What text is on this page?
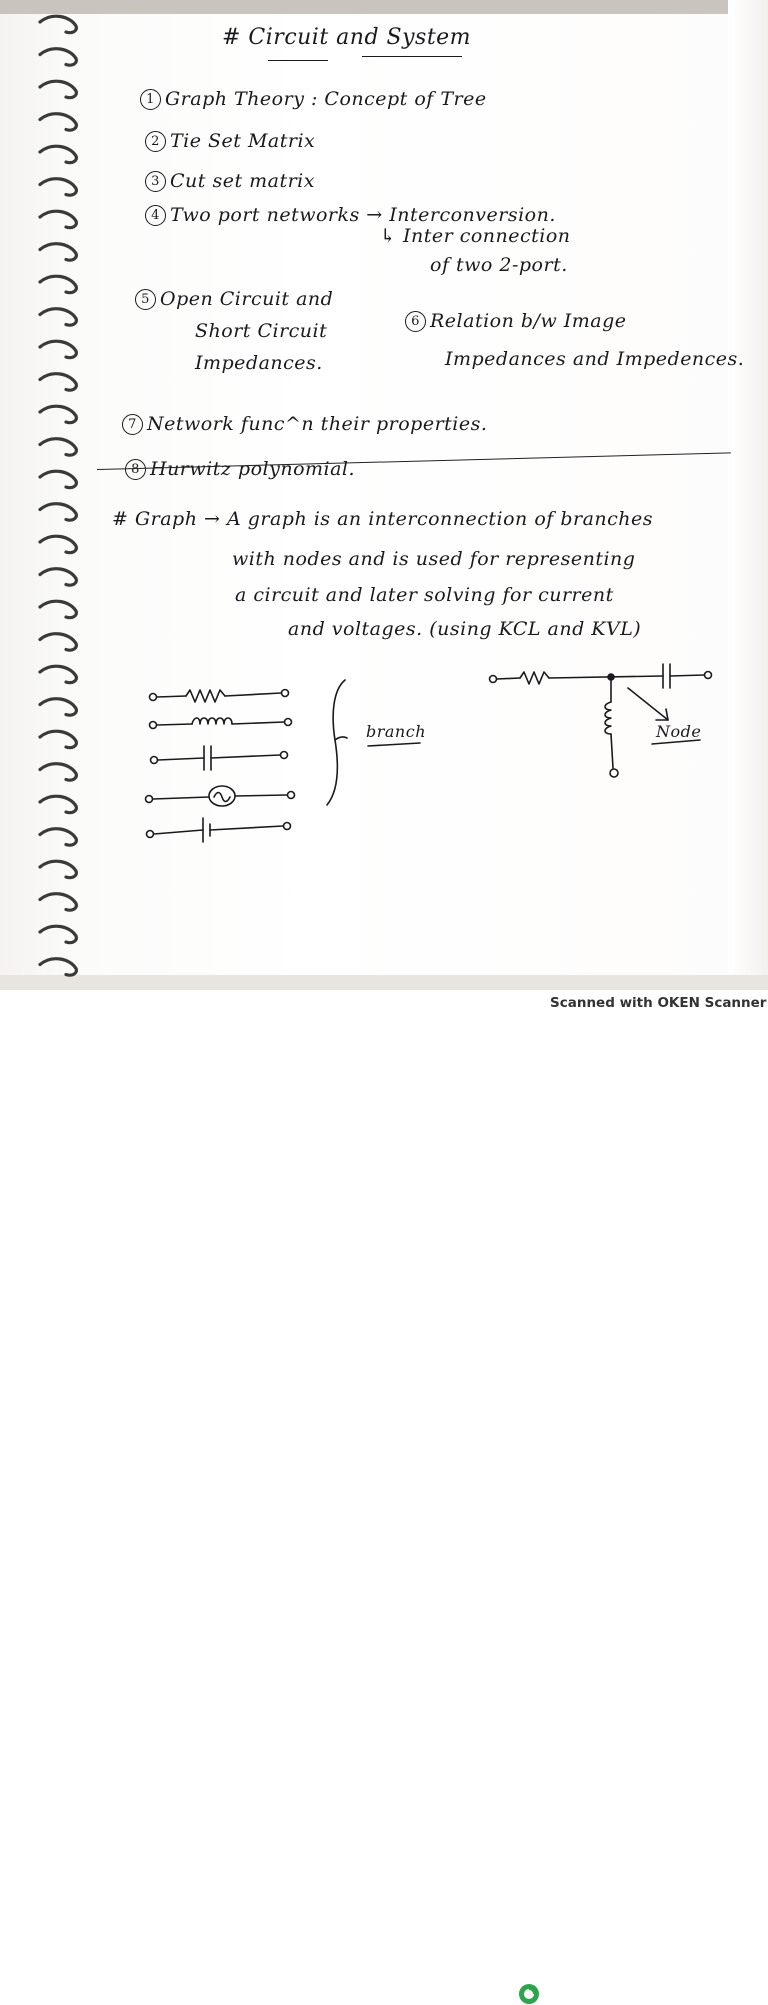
# Circuit and System
1 Graph Theory : Concept of Tree
2 Tie Set Matrix
3 Cut set matrix
4 Two port networks → Interconversion.
↳ Inter connection
of two 2-port.
5 Open Circuit and
Short Circuit
Impedances.
6 Relation b/w Image
Impedances and Impedences.
7 Network func^n their properties.
8 Hurwitz polynomial.
# Graph → A graph is an interconnection of branches
with nodes and is used for representing
a circuit and later solving for current
and voltages. (using KCL and KVL)
branch	Node
Scanned with OKEN Scanner
